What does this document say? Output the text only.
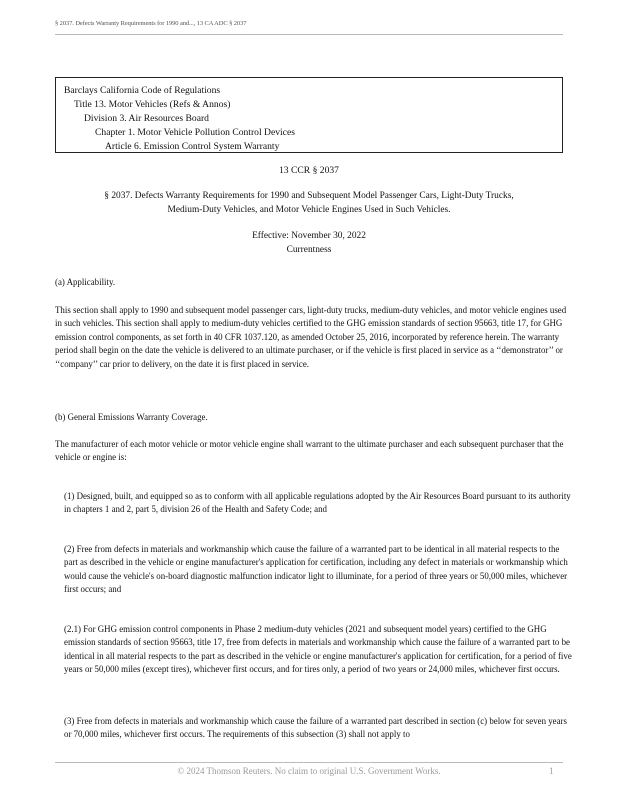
§ 2037. Defects Warranty Requirements for 1990 and..., 13 CA ADC § 2037
Barclays California Code of Regulations
Title 13. Motor Vehicles (Refs & Annos)
Division 3. Air Resources Board
Chapter 1. Motor Vehicle Pollution Control Devices
Article 6. Emission Control System Warranty
13 CCR § 2037
§ 2037. Defects Warranty Requirements for 1990 and Subsequent Model Passenger Cars, Light-Duty Trucks, Medium-Duty Vehicles, and Motor Vehicle Engines Used in Such Vehicles.
Effective: November 30, 2022
Currentness
(a) Applicability.
This section shall apply to 1990 and subsequent model passenger cars, light-duty trucks, medium-duty vehicles, and motor vehicle engines used in such vehicles. This section shall apply to medium-duty vehicles certified to the GHG emission standards of section 95663, title 17, for GHG emission control components, as set forth in 40 CFR 1037.120, as amended October 25, 2016, incorporated by reference herein. The warranty period shall begin on the date the vehicle is delivered to an ultimate purchaser, or if the vehicle is first placed in service as a ‘‘demonstrator’’ or ‘‘company’’ car prior to delivery, on the date it is first placed in service.
(b) General Emissions Warranty Coverage.
The manufacturer of each motor vehicle or motor vehicle engine shall warrant to the ultimate purchaser and each subsequent purchaser that the vehicle or engine is:
(1) Designed, built, and equipped so as to conform with all applicable regulations adopted by the Air Resources Board pursuant to its authority in chapters 1 and 2, part 5, division 26 of the Health and Safety Code; and
(2) Free from defects in materials and workmanship which cause the failure of a warranted part to be identical in all material respects to the part as described in the vehicle or engine manufacturer's application for certification, including any defect in materials or workmanship which would cause the vehicle's on-board diagnostic malfunction indicator light to illuminate, for a period of three years or 50,000 miles, whichever first occurs; and
(2.1) For GHG emission control components in Phase 2 medium-duty vehicles (2021 and subsequent model years) certified to the GHG emission standards of section 95663, title 17, free from defects in materials and workmanship which cause the failure of a warranted part to be identical in all material respects to the part as described in the vehicle or engine manufacturer's application for certification, for a period of five years or 50,000 miles (except tires), whichever first occurs, and for tires only, a period of two years or 24,000 miles, whichever first occurs.
(3) Free from defects in materials and workmanship which cause the failure of a warranted part described in section (c) below for seven years or 70,000 miles, whichever first occurs. The requirements of this subsection (3) shall not apply to
© 2024 Thomson Reuters. No claim to original U.S. Government Works.	1
